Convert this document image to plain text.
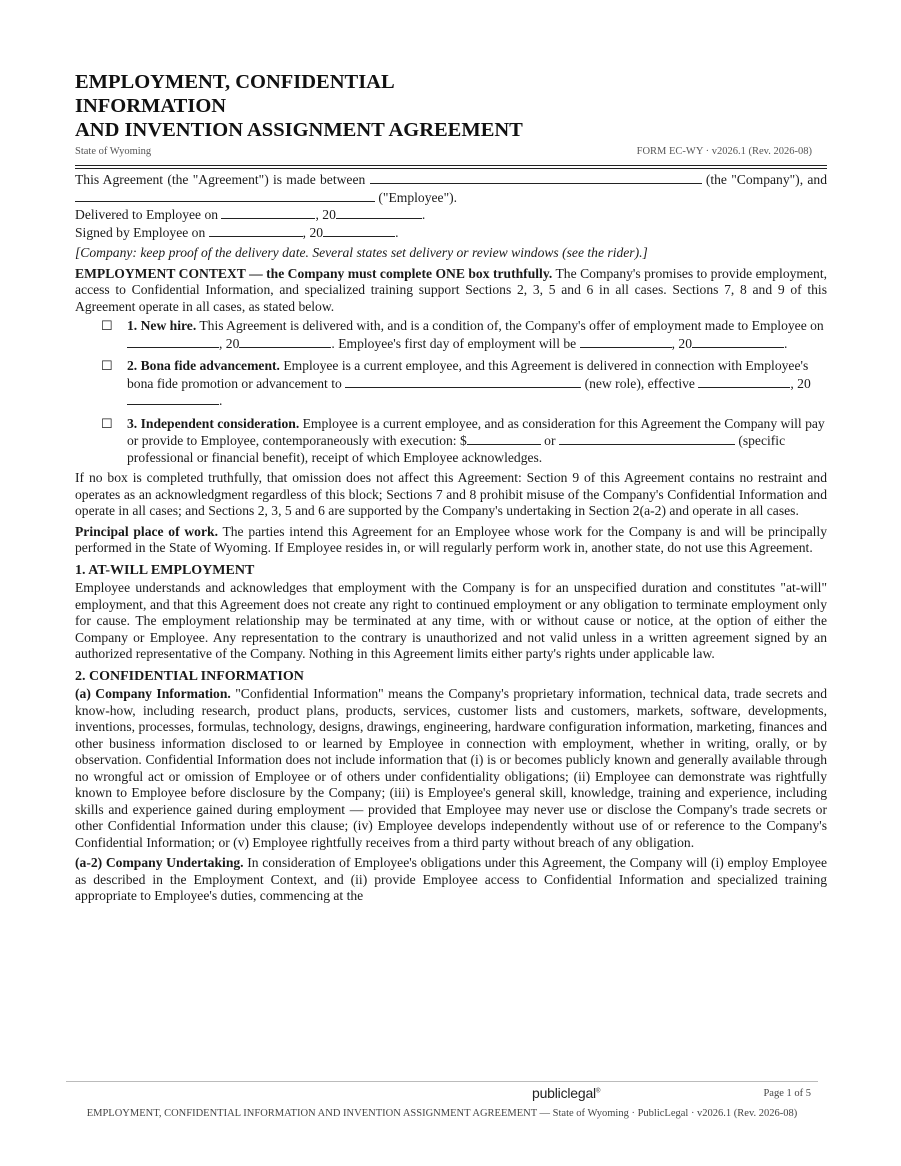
EMPLOYMENT, CONFIDENTIAL
INFORMATION
AND INVENTION ASSIGNMENT AGREEMENT
State of Wyoming	FORM EC-WY · v2026.1 (Rev. 2026-08)

This Agreement (the "Agreement") is made between	(the "Company"), and  ("Employee").

Delivered to Employee on	, 20	.

Signed by Employee on	, 20	.

[Company: keep proof of the delivery date. Several states set delivery or review windows (see the rider).]

EMPLOYMENT CONTEXT — the Company must complete ONE box truthfully. The Company's promises to provide employment, access to Confidential Information, and specialized training support Sections 2, 3, 5 and 6 in all cases. Sections 7, 8 and 9 of this Agreement operate in all cases, as stated below.

☐ 1. New hire. This Agreement is delivered with, and is a condition of, the Company's offer of employment made to Employee on , 20	. Employee's first day of employment will be	, 20	.
☐ 2. Bona fide advancement. Employee is a current employee, and this Agreement is delivered in connection with Employee's bona fide promotion or advancement to	(new role), effective	, 20.
☐ 3. Independent consideration. Employee is a current employee, and as consideration for this Agreement the Company will pay or provide to Employee, contemporaneously with execution: $	or	(specific professional or financial benefit), receipt of which Employee acknowledges.

If no box is completed truthfully, that omission does not affect this Agreement: Section 9 of this Agreement contains no restraint and operates as an acknowledgment regardless of this block; Sections 7 and 8 prohibit misuse of the Company's Confidential Information and operate in all cases; and Sections 2, 3, 5 and 6 are supported by the Company's undertaking in Section 2(a-2) and operate in all cases.

Principal place of work. The parties intend this Agreement for an Employee whose work for the Company is and will be principally performed in the State of Wyoming. If Employee resides in, or will regularly perform work in, another state, do not use this Agreement.

1. AT-WILL EMPLOYMENT

Employee understands and acknowledges that employment with the Company is for an unspecified duration and constitutes "at-will" employment, and that this Agreement does not create any right to continued employment or any obligation to terminate employment only for cause. The employment relationship may be terminated at any time, with or without cause or notice, at the option of either the Company or Employee. Any representation to the contrary is unauthorized and not valid unless in a written agreement signed by an authorized representative of the Company. Nothing in this Agreement limits either party's rights under applicable law.

2. CONFIDENTIAL INFORMATION

(a) Company Information. "Confidential Information" means the Company's proprietary information, technical data, trade secrets and know-how, including research, product plans, products, services, customer lists and customers, markets, software, developments, inventions, processes, formulas, technology, designs, drawings, engineering, hardware configuration information, marketing, finances and other business information disclosed to or learned by Employee in connection with employment, whether in writing, orally, or by observation. Confidential Information does not include information that (i) is or becomes publicly known and generally available through no wrongful act or omission of Employee or of others under confidentiality obligations; (ii) Employee can demonstrate was rightfully known to Employee before disclosure by the Company; (iii) is Employee's general skill, knowledge, training and experience, including skills and experience gained during employment — provided that Employee may never use or disclose the Company's trade secrets or other Confidential Information under this clause; (iv) Employee develops independently without use of or reference to the Company's Confidential Information; or (v) Employee rightfully receives from a third party without breach of any obligation.

(a-2) Company Undertaking. In consideration of Employee's obligations under this Agreement, the Company will (i) employ Employee as described in the Employment Context, and (ii) provide Employee access to Confidential Information and specialized training appropriate to Employee's duties, commencing at the

publiclegal®	Page 1 of 5
EMPLOYMENT, CONFIDENTIAL INFORMATION AND INVENTION ASSIGNMENT AGREEMENT — State of Wyoming · PublicLegal · v2026.1 (Rev. 2026-08)
